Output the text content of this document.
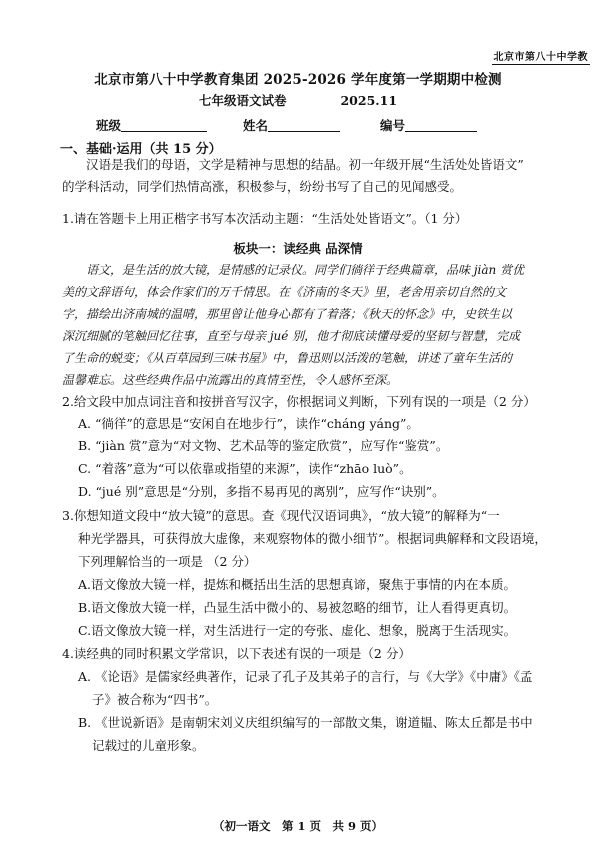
北京市第八十中学教
北京市第八十中学教育集团 2025-2026 学年度第一学期期中检测
七年级语文试卷	2025.11
班级	姓名	编号
一、基础·运用（共 15 分）

汉语是我们的母语，文学是精神与思想的结晶。初一年级开展“生活处处皆语文”

的学科活动，同学们热情高涨，积极参与，纷纷书写了自己的见闻感受。

1.请在答题卡上用正楷字书写本次活动主题：“生活处处皆语文”。（1 分）
板块一：读经典 品深情

语文，是生活的放大镜，是情感的记录仪。同学们徜徉于经典篇章，品味 jiàn 赏优

美的文辞语句，体会作家们的万千情思。在《济南的冬天》里，老舍用亲切自然的文

字，描绘出济南城的温晴，那里曾让他身心都有了着落；《秋天的怀念》中，史铁生以

深沉细腻的笔触回忆往事，直至与母亲 jué 别，他才彻底读懂母爱的坚韧与智慧，完成

了生命的蜕变；《从百草园到三味书屋》中，鲁迅则以活泼的笔触，讲述了童年生活的

温馨难忘。这些经典作品中流露出的真情至性，令人感怀至深。

2.给文段中加点词注音和按拼音写汉字，你根据词义判断，下列有误的一项是（2 分）
A. “徜徉”的意思是“安闲自在地步行”，读作“cháng yáng”。
B. “jiàn 赏”意为“对文物、艺术品等的鉴定欣赏”，应写作“鉴赏”。
C. “着落”意为“可以依靠或指望的来源”，读作“zhāo luò”。
D. “jué 别”意思是“分别，多指不易再见的离别”，应写作“诀别”。
3.你想知道文段中“放大镜”的意思。查《现代汉语词典》，“放大镜”的解释为“一
种光学器具，可获得放大虚像，来观察物体的微小细节”。根据词典解释和文段语境，
下列理解恰当的一项是 （2 分）
A.语文像放大镜一样，提炼和概括出生活的思想真谛，聚焦于事情的内在本质。
B.语文像放大镜一样，凸显生活中微小的、易被忽略的细节，让人看得更真切。
C.语文像放大镜一样，对生活进行一定的夸张、虚化、想象，脱离于生活现实。
4.读经典的同时积累文学常识，以下表述有误的一项是（2 分）
A. 《论语》是儒家经典著作，记录了孔子及其弟子的言行，与《大学》《中庸》《孟
子》被合称为“四书”。
B. 《世说新语》是南朝宋刘义庆组织编写的一部散文集，谢道韫、陈太丘都是书中
记载过的儿童形象。
（初一语文　第 1 页　共 9 页）
